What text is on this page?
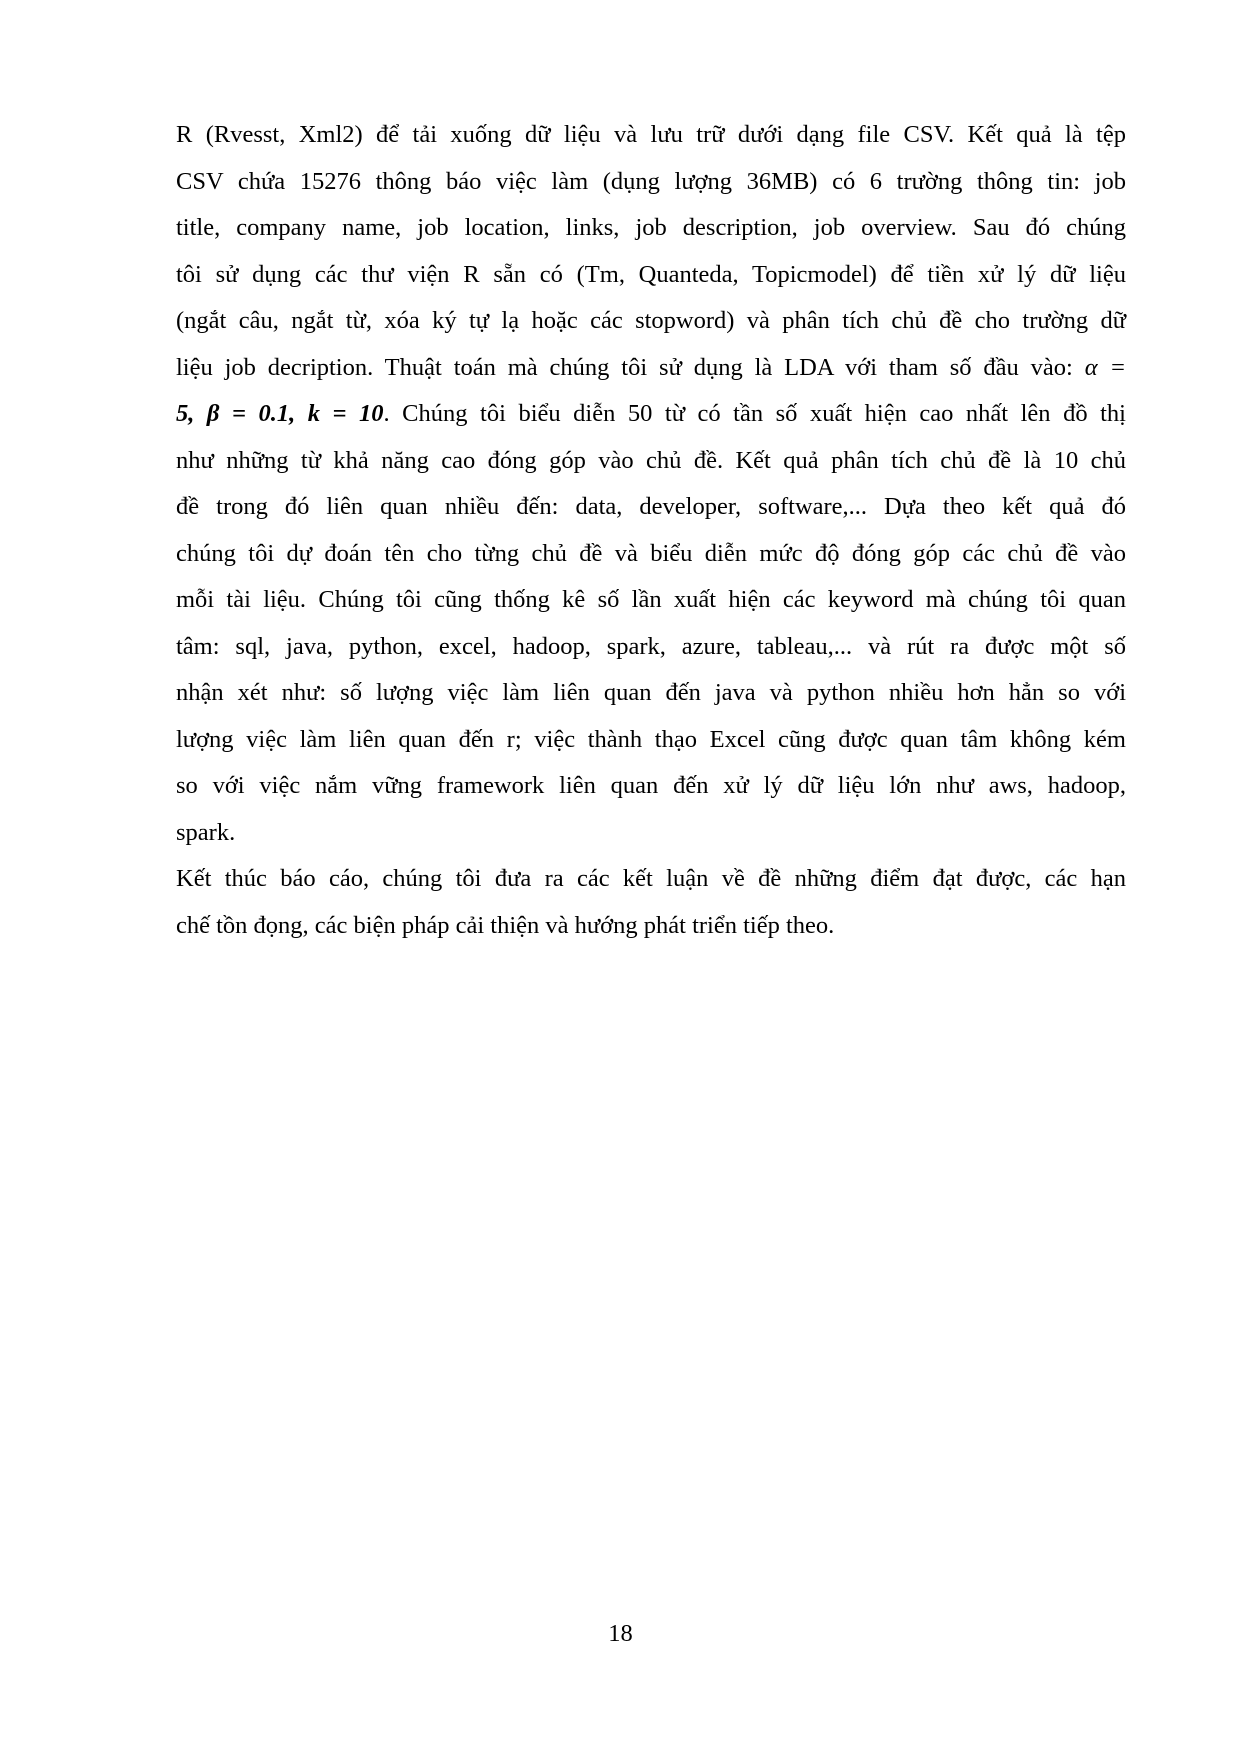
R (Rvesst, Xml2) để tải xuống dữ liệu và lưu trữ dưới dạng file CSV. Kết quả là tệp
CSV chứa 15276 thông báo việc làm (dụng lượng 36MB) có 6 trường thông tin: job
title, company name, job location, links, job description, job overview. Sau đó chúng
tôi sử dụng các thư viện R sẵn có (Tm, Quanteda, Topicmodel) để tiền xử lý dữ liệu
(ngắt câu, ngắt từ, xóa ký tự lạ hoặc các stopword) và phân tích chủ đề cho trường dữ
liệu job decription. Thuật toán mà chúng tôi sử dụng là LDA với tham số đầu vào: α =
5, β = 0.1, k = 10. Chúng tôi biểu diễn 50 từ có tần số xuất hiện cao nhất lên đồ thị
như những từ khả năng cao đóng góp vào chủ đề. Kết quả phân tích chủ đề là 10 chủ
đề trong đó liên quan nhiều đến: data, developer, software,... Dựa theo kết quả đó
chúng tôi dự đoán tên cho từng chủ đề và biểu diễn mức độ đóng góp các chủ đề vào
mỗi tài liệu. Chúng tôi cũng thống kê số lần xuất hiện các keyword mà chúng tôi quan
tâm: sql, java, python, excel, hadoop, spark, azure, tableau,... và rút ra được một số
nhận xét như: số lượng việc làm liên quan đến java và python nhiều hơn hẳn so với
lượng việc làm liên quan đến r; việc thành thạo Excel cũng được quan tâm không kém
so với việc nắm vững framework liên quan đến xử lý dữ liệu lớn như aws, hadoop,
spark.
Kết thúc báo cáo, chúng tôi đưa ra các kết luận về đề những điểm đạt được, các hạn
chế tồn đọng, các biện pháp cải thiện và hướng phát triển tiếp theo.
18
